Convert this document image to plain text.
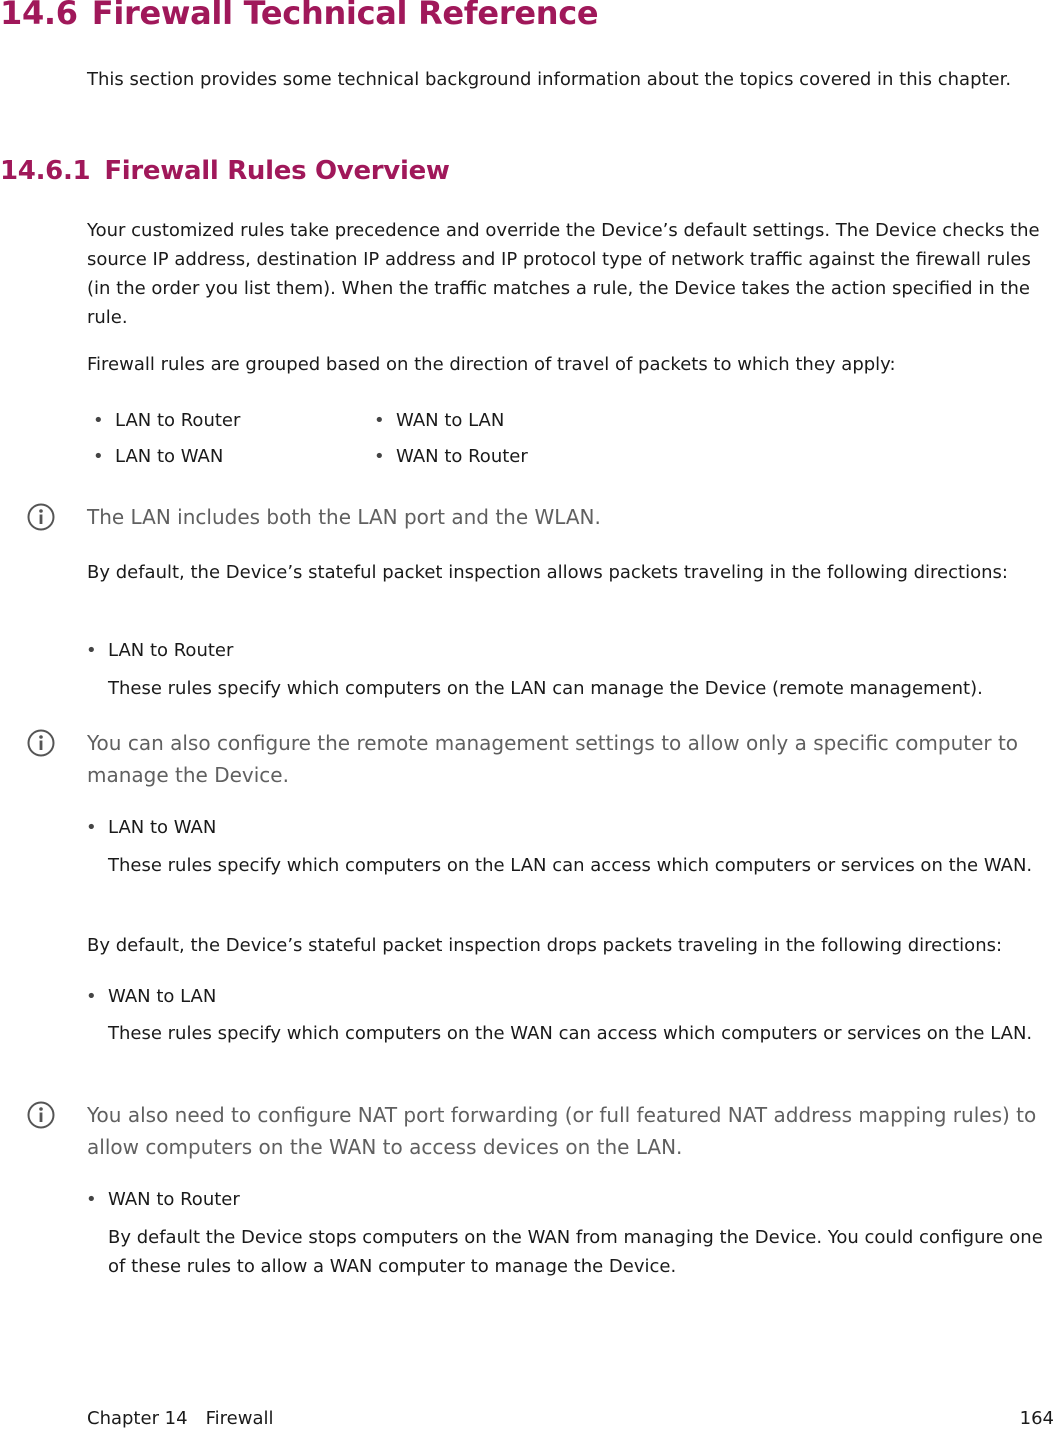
14.6 Firewall Technical Reference

This section provides some technical background information about the topics covered in this chapter.

14.6.1 Firewall Rules Overview

Your customized rules take precedence and override the Device’s default settings. The Device checks the source IP address, destination IP address and IP protocol type of network traffic against the firewall rules (in the order you list them). When the traffic matches a rule, the Device takes the action specified in the rule.

Firewall rules are grouped based on the direction of travel of packets to which they apply:

• LAN to Router
• LAN to WAN
• WAN to LAN
• WAN to Router

The LAN includes both the LAN port and the WLAN.

By default, the Device’s stateful packet inspection allows packets traveling in the following directions:

• LAN to Router

These rules specify which computers on the LAN can manage the Device (remote management).

You can also configure the remote management settings to allow only a specific computer to manage the Device.

• LAN to WAN

These rules specify which computers on the LAN can access which computers or services on the WAN.

By default, the Device’s stateful packet inspection drops packets traveling in the following directions:

• WAN to LAN

These rules specify which computers on the WAN can access which computers or services on the LAN.

You also need to configure NAT port forwarding (or full featured NAT address mapping rules) to allow computers on the WAN to access devices on the LAN.

• WAN to Router

By default the Device stops computers on the WAN from managing the Device. You could configure one of these rules to allow a WAN computer to manage the Device.

Chapter 14 Firewall	164
